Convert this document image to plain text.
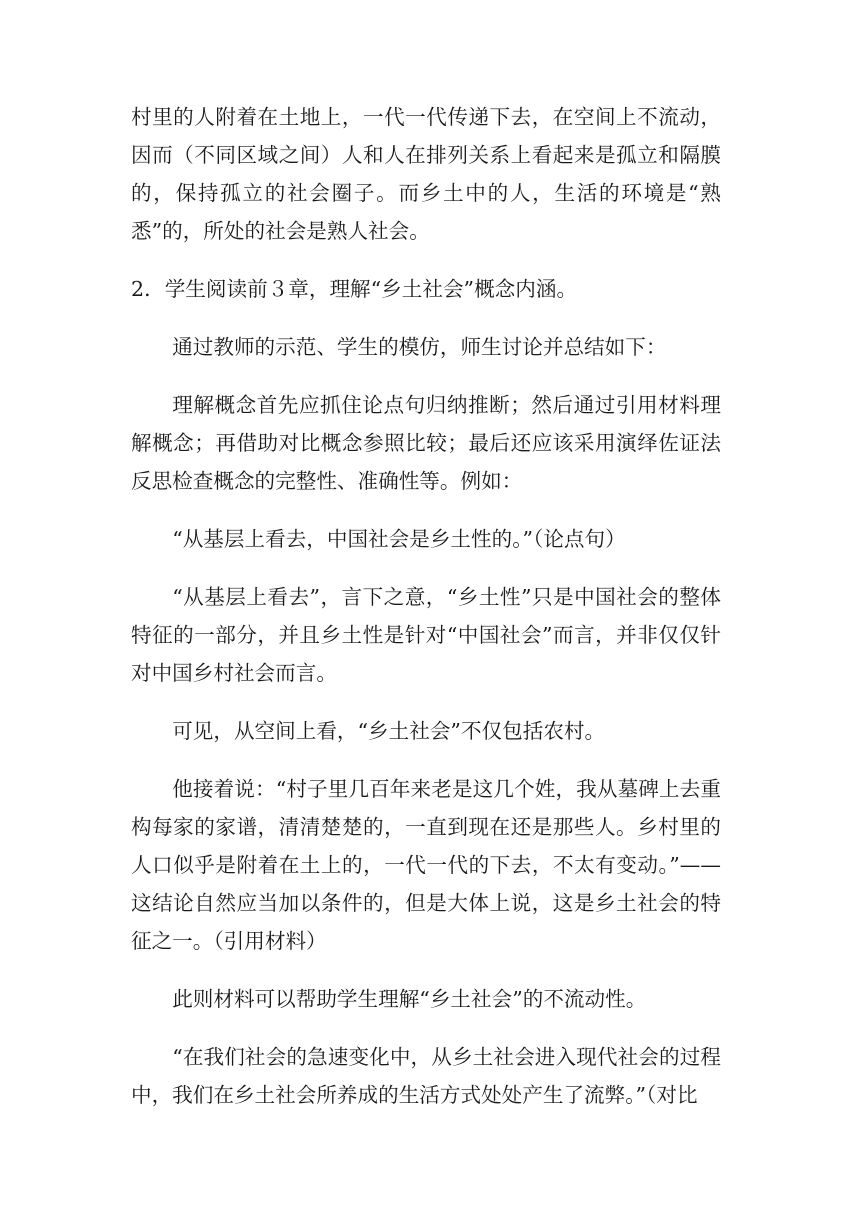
村里的人附着在土地上，一代一代传递下去，在空间上不流动，因而（不同区域之间）人和人在排列关系上看起来是孤立和隔膜的，保持孤立的社会圈子。而乡土中的人，生活的环境是“熟悉”的，所处的社会是熟人社会。

2．学生阅读前３章，理解“乡土社会”概念内涵。

通过教师的示范、学生的模仿，师生讨论并总结如下：

理解概念首先应抓住论点句归纳推断；然后通过引用材料理解概念；再借助对比概念参照比较；最后还应该采用演绎佐证法反思检查概念的完整性、准确性等。例如：

“从基层上看去，中国社会是乡土性的。”（论点句）

“从基层上看去”，言下之意，“乡土性”只是中国社会的整体特征的一部分，并且乡土性是针对“中国社会”而言，并非仅仅针对中国乡村社会而言。

可见，从空间上看，“乡土社会”不仅包括农村。

他接着说：“村子里几百年来老是这几个姓，我从墓碑上去重构每家的家谱，清清楚楚的，一直到现在还是那些人。乡村里的人口似乎是附着在土上的，一代一代的下去，不太有变动。”——这结论自然应当加以条件的，但是大体上说，这是乡土社会的特征之一。（引用材料）

此则材料可以帮助学生理解“乡土社会”的不流动性。

“在我们社会的急速变化中，从乡土社会进入现代社会的过程中，我们在乡土社会所养成的生活方式处处产生了流弊。”（对比
